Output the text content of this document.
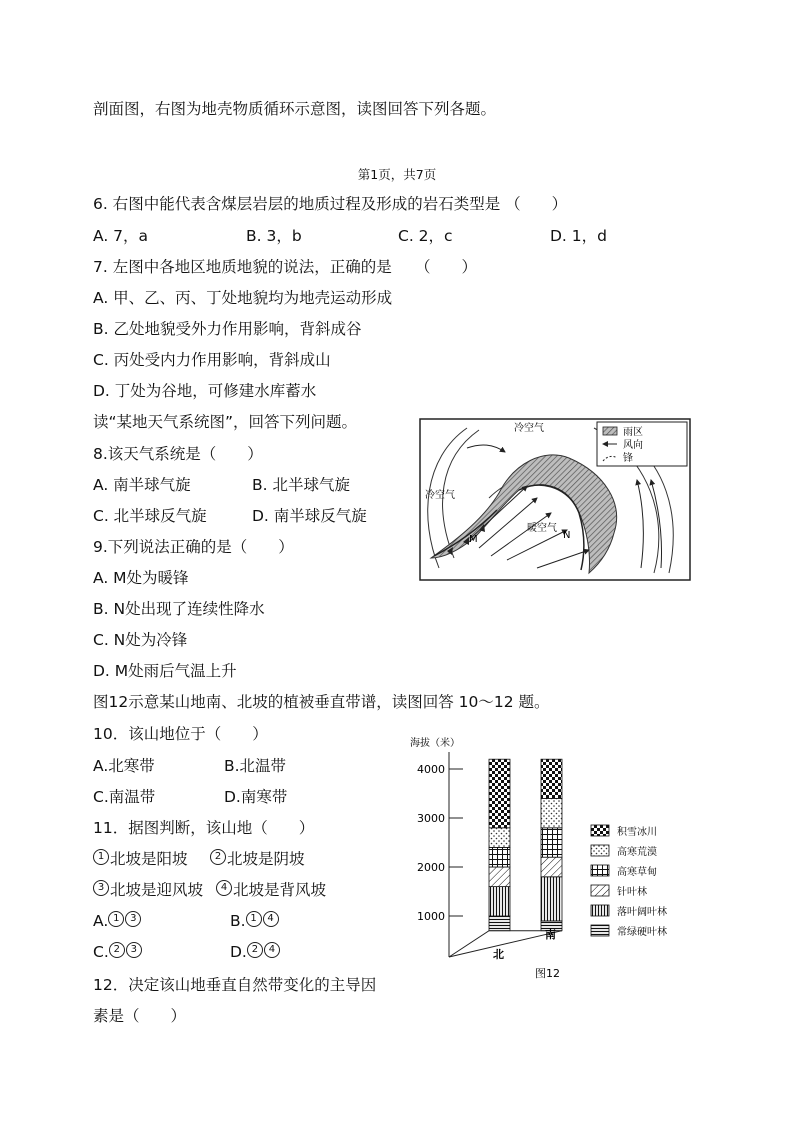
剖面图，右图为地壳物质循环示意图，读图回答下列各题。
第1页，共7页
6. 右图中能代表含煤层岩层的地质过程及形成的岩石类型是 （　　）
A. 7，a	B. 3，b	C. 2，c	D. 1，d
7. 左图中各地区地质地貌的说法，正确的是　　（　　）
A. 甲、乙、丙、丁处地貌均为地壳运动形成
B. 乙处地貌受外力作用影响，背斜成谷
C. 丙处受内力作用影响，背斜成山
D. 丁处为谷地，可修建水库蓄水
读“某地天气系统图”，回答下列问题。
8.该天气系统是（　　）
A. 南半球气旋	B. 北半球气旋
C. 北半球反气旋	D. 南半球反气旋
9.下列说法正确的是（　　）
A. M处为暖锋
B. N处出现了连续性降水
C. N处为冷锋
D. M处雨后气温上升
图12示意某山地南、北坡的植被垂直带谱，读图回答 10～12 题。
10．该山地位于（　　）
A.北寒带	B.北温带
C.南温带	D.南寒带
11．据图判断，该山地（　　）
1 北坡是阳坡	2 北坡是阴坡
3 北坡是迎风坡	4 北坡是背风坡
A. 1 3	B. 1 4
C. 2 3	D. 2 4
12．决定该山地垂直自然带变化的主导因
素是（　　）
雨区
风向
锋
冷空气
冷空气
暖空气
M	N
海拔（米）
1000
2000
3000
4000
北
南
积雪冰川
高寒荒漠
高寒草甸
针叶林
落叶阔叶林
常绿硬叶林
图12
